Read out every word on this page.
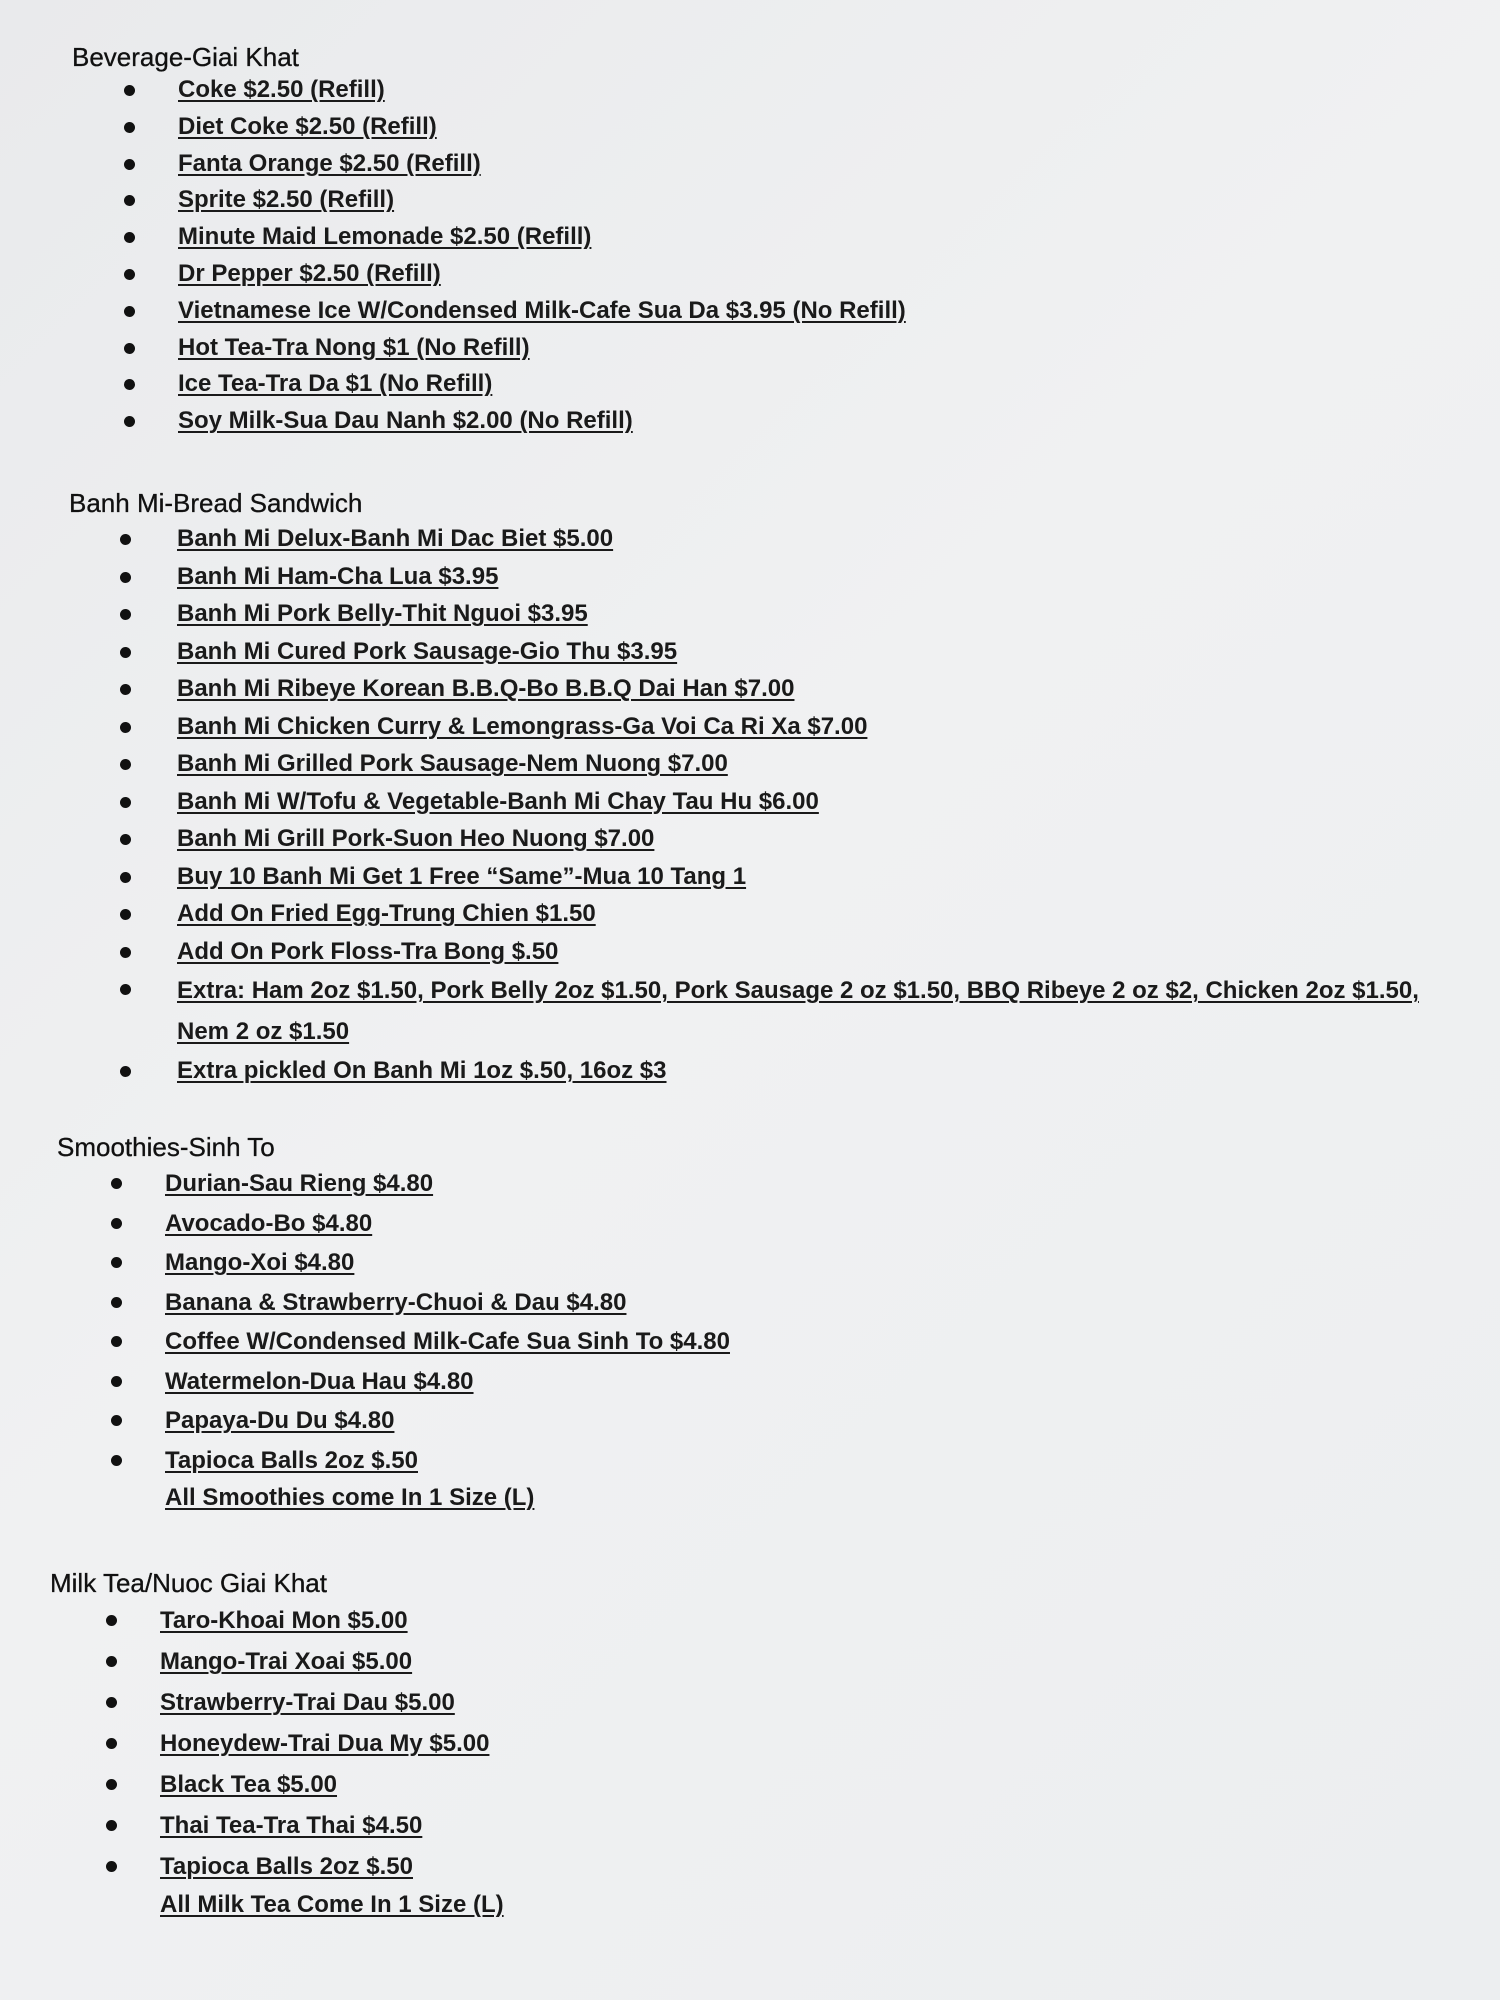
Beverage-Giai Khat
Coke $2.50 (Refill)
Diet Coke $2.50 (Refill)
Fanta Orange $2.50 (Refill)
Sprite $2.50 (Refill)
Minute Maid Lemonade $2.50 (Refill)
Dr Pepper $2.50 (Refill)
Vietnamese Ice W/Condensed Milk-Cafe Sua Da $3.95 (No Refill)
Hot Tea-Tra Nong $1 (No Refill)
Ice Tea-Tra Da $1 (No Refill)
Soy Milk-Sua Dau Nanh $2.00 (No Refill)
Banh Mi-Bread Sandwich
Banh Mi Delux-Banh Mi Dac Biet $5.00
Banh Mi Ham-Cha Lua $3.95
Banh Mi Pork Belly-Thit Nguoi $3.95
Banh Mi Cured Pork Sausage-Gio Thu $3.95
Banh Mi Ribeye Korean B.B.Q-Bo B.B.Q Dai Han $7.00
Banh Mi Chicken Curry & Lemongrass-Ga Voi Ca Ri Xa $7.00
Banh Mi Grilled Pork Sausage-Nem Nuong $7.00
Banh Mi W/Tofu & Vegetable-Banh Mi Chay Tau Hu $6.00
Banh Mi Grill Pork-Suon Heo Nuong $7.00
Buy 10 Banh Mi Get 1 Free “Same”-Mua 10 Tang 1
Add On Fried Egg-Trung Chien $1.50
Add On Pork Floss-Tra Bong $.50
Extra: Ham 2oz $1.50, Pork Belly 2oz $1.50, Pork Sausage 2 oz $1.50, BBQ Ribeye 2 oz $2, Chicken 2oz $1.50, Nem 2 oz $1.50
Extra pickled On Banh Mi 1oz $.50, 16oz $3
Smoothies-Sinh To
Durian-Sau Rieng $4.80
Avocado-Bo $4.80
Mango-Xoi $4.80
Banana & Strawberry-Chuoi & Dau $4.80
Coffee W/Condensed Milk-Cafe Sua Sinh To $4.80
Watermelon-Dua Hau $4.80
Papaya-Du Du $4.80
Tapioca Balls 2oz $.50
All Smoothies come In 1 Size (L)
Milk Tea/Nuoc Giai Khat
Taro-Khoai Mon $5.00
Mango-Trai Xoai $5.00
Strawberry-Trai Dau $5.00
Honeydew-Trai Dua My $5.00
Black Tea $5.00
Thai Tea-Tra Thai $4.50
Tapioca Balls 2oz $.50
All Milk Tea Come In 1 Size (L)
